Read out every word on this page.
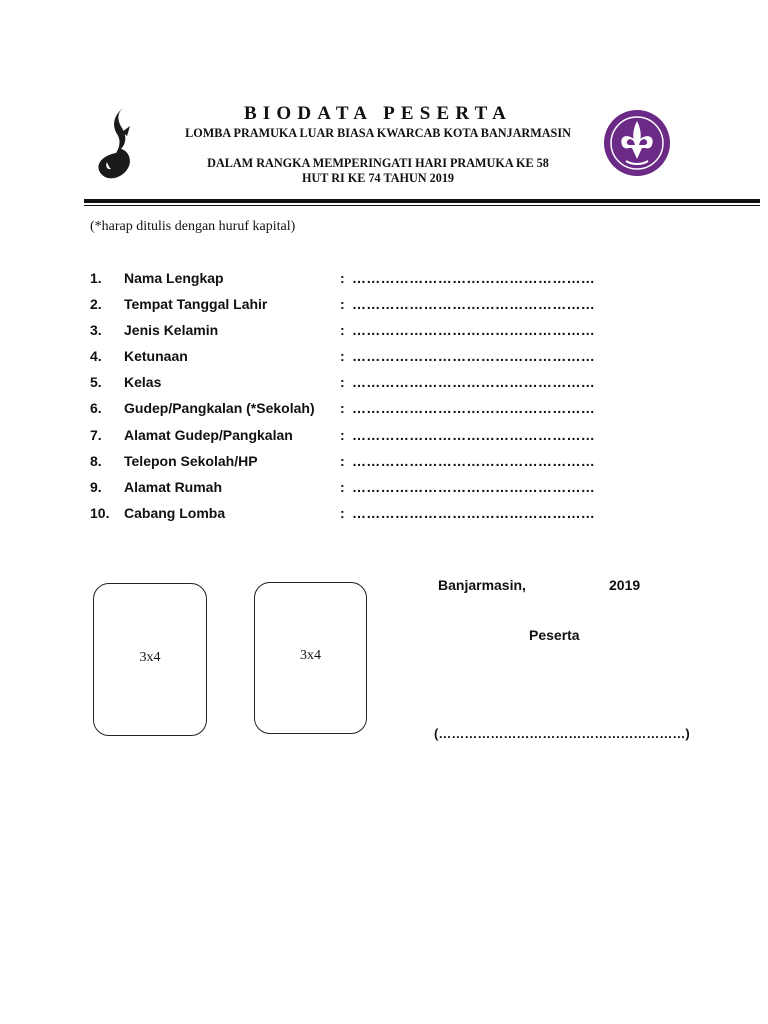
BIODATA PESERTA
LOMBA PRAMUKA LUAR BIASA KWARCAB KOTA BANJARMASIN
DALAM RANGKA MEMPERINGATI HARI PRAMUKA KE 58
HUT RI KE 74 TAHUN 2019
(*harap ditulis dengan huruf kapital)
1. Nama Lengkap	: ……………………………………………
2. Tempat Tanggal Lahir	: ……………………………………………
3. Jenis Kelamin	: ……………………………………………
4. Ketunaan	: ……………………………………………
5. Kelas	: ……………………………………………
6. Gudep/Pangkalan (*Sekolah) : ……………………………………………
7. Alamat Gudep/Pangkalan	: ……………………………………………
8. Telepon Sekolah/HP	: ……………………………………………
9. Alamat Rumah	: ……………………………………………
10. Cabang Lomba	: ……………………………………………
3x4	3x4
Banjarmasin,	2019
Peserta
(…………………………………………………)
